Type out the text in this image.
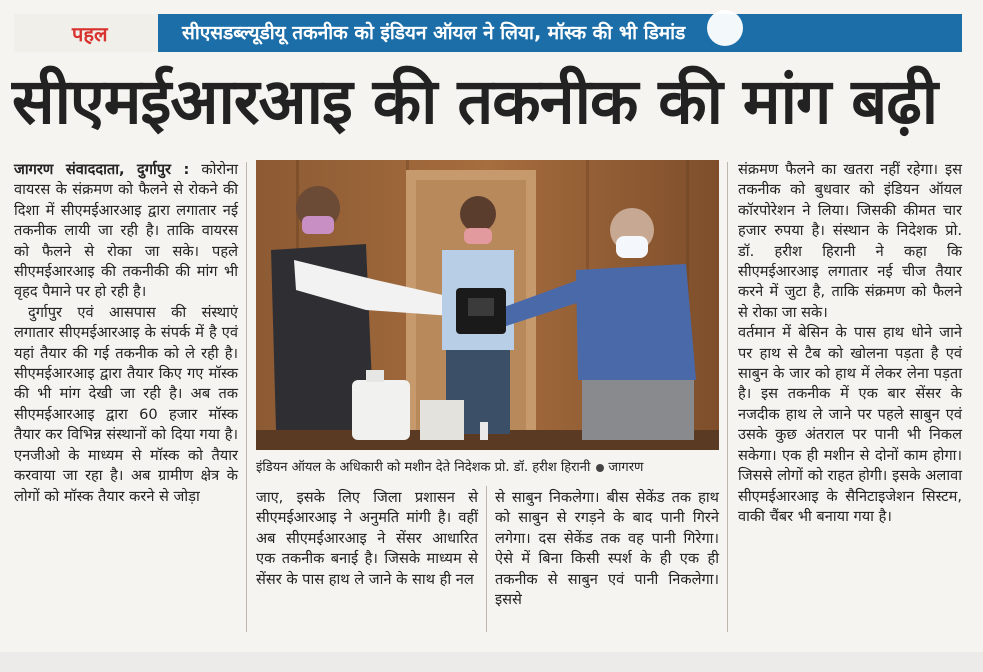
पहल	सीएसडब्ल्यूडीयू तकनीक को इंडियन ऑयल ने लिया, मॉस्क की भी डिमांड
सीएमईआरआइ की तकनीक की मांग बढ़ी

जागरण संवाददाता, दुर्गापुर : कोरोना वायरस के संक्रमण को फैलने से रोकने की दिशा में सीएमईआरआइ द्वारा लगातार नई तकनीक लायी जा रही है। ताकि वायरस को फैलने से रोका जा सके। पहले सीएमईआरआइ की तकनीकी की मांग भी वृहद पैमाने पर हो रही है।

दुर्गापुर एवं आसपास की संस्थाएं लगातार सीएमईआरआइ के संपर्क में है एवं यहां तैयार की गई तकनीक को ले रही है। सीएमईआरआइ द्वारा तैयार किए गए मॉस्क की भी मांग देखी जा रही है। अब तक सीएमईआरआइ द्वारा 60 हजार मॉस्क तैयार कर विभिन्न संस्थानों को दिया गया है। एनजीओ के माध्यम से मॉस्क को तैयार करवाया जा रहा है। अब ग्रामीण क्षेत्र के लोगों को मॉस्क तैयार करने से जोड़ा

इंडियन ऑयल के अधिकारी को मशीन देते निदेशक प्रो. डॉ. हरीश हिरानी जागरण

जाए, इसके लिए जिला प्रशासन से सीएमईआरआइ ने अनुमति मांगी है। वहीं अब सीएमईआरआइ ने सेंसर आधारित एक तकनीक बनाई है। जिसके माध्यम से सेंसर के पास हाथ ले जाने के साथ ही नल

से साबुन निकलेगा। बीस सेकेंड तक हाथ को साबुन से रगड़ने के बाद पानी गिरने लगेगा। दस सेकेंड तक वह पानी गिरेगा। ऐसे में बिना किसी स्पर्श के ही एक ही तकनीक से साबुन एवं पानी निकलेगा। इससे

संक्रमण फैलने का खतरा नहीं रहेगा। इस तकनीक को बुधवार को इंडियन ऑयल कॉरपोरेशन ने लिया। जिसकी कीमत चार हजार रुपया है। संस्थान के निदेशक प्रो. डॉ. हरीश हिरानी ने कहा कि सीएमईआरआइ लगातार नई चीज तैयार करने में जुटा है, ताकि संक्रमण को फैलने से रोका जा सके।

वर्तमान में बेसिन के पास हाथ धोने जाने पर हाथ से टैब को खोलना पड़ता है एवं साबुन के जार को हाथ में लेकर लेना पड़ता है। इस तकनीक में एक बार सेंसर के नजदीक हाथ ले जाने पर पहले साबुन एवं उसके कुछ अंतराल पर पानी भी निकल सकेगा। एक ही मशीन से दोनों काम होगा। जिससे लोगों को राहत होगी। इसके अलावा सीएमईआरआइ के सैनिटाइजेशन सिस्टम, वाकी चैंबर भी बनाया गया है।
